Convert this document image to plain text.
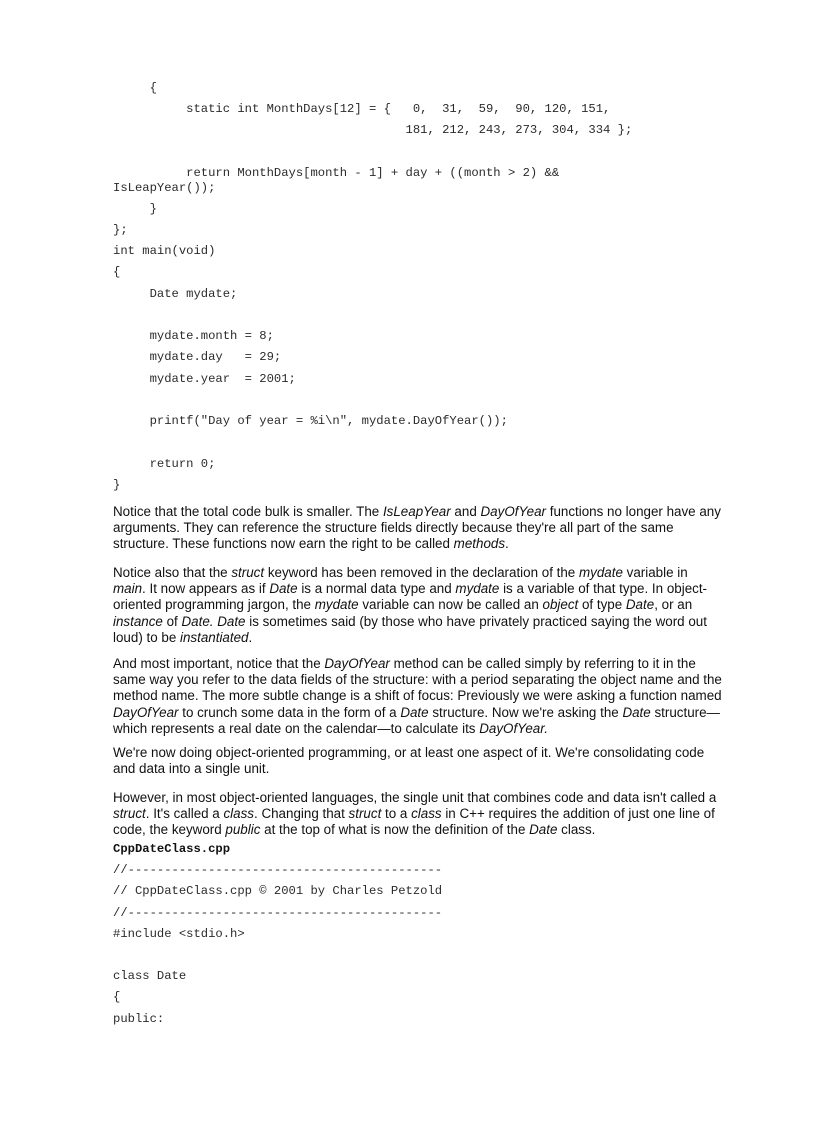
{
static int MonthDays[12] = {   0,  31,  59,  90, 120, 151,
181, 212, 243, 273, 304, 334 };
return MonthDays[month - 1] + day + ((month > 2) &&
IsLeapYear());
}
};
int main(void)
{
Date mydate;
mydate.month = 8;
mydate.day   = 29;
mydate.year  = 2001;
printf("Day of year = %i\n", mydate.DayOfYear());
return 0;
}

Notice that the total code bulk is smaller. The IsLeapYear and DayOfYear functions no longer have any arguments. They can reference the structure fields directly because they're all part of the same structure. These functions now earn the right to be called methods.

Notice also that the struct keyword has been removed in the declaration of the mydate variable in main. It now appears as if Date is a normal data type and mydate is a variable of that type. In object-oriented programming jargon, the mydate variable can now be called an object of type Date, or an instance of Date. Date is sometimes said (by those who have privately practiced saying the word out loud) to be instantiated.

And most important, notice that the DayOfYear method can be called simply by referring to it in the same way you refer to the data fields of the structure: with a period separating the object name and the method name. The more subtle change is a shift of focus: Previously we were asking a function named DayOfYear to crunch some data in the form of a Date structure. Now we're asking the Date structure—which represents a real date on the calendar—to calculate its DayOfYear.

We're now doing object-oriented programming, or at least one aspect of it. We're consolidating code and data into a single unit.

However, in most object-oriented languages, the single unit that combines code and data isn't called a struct. It's called a class. Changing that struct to a class in C++ requires the addition of just one line of code, the keyword public at the top of what is now the definition of the Date class.

CppDateClass.cpp
//-------------------------------------------
// CppDateClass.cpp © 2001 by Charles Petzold
//-------------------------------------------
#include <stdio.h>
class Date
{
public:
